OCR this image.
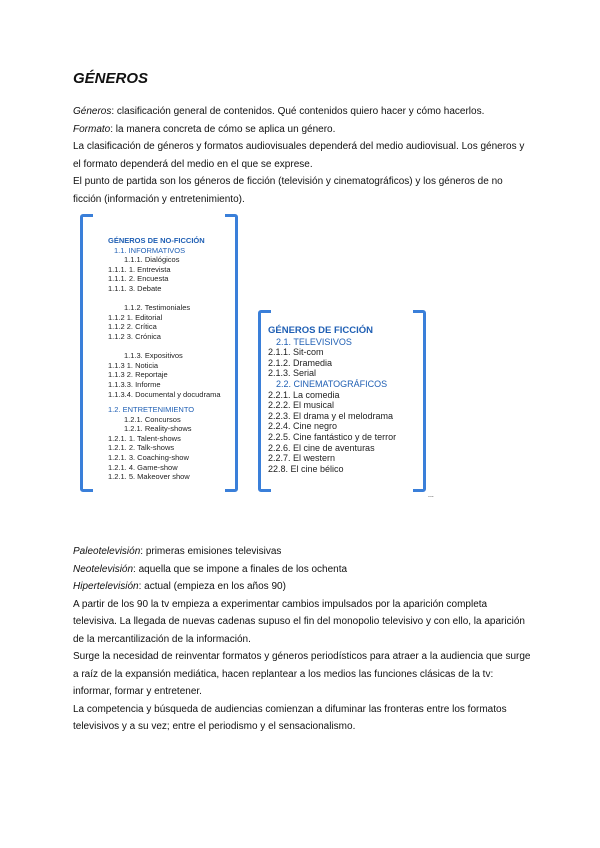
GÉNEROS

Géneros: clasificación general de contenidos. Qué contenidos quiero hacer y cómo hacerlos.

Formato: la manera concreta de cómo se aplica un género.

La clasificación de géneros y formatos audiovisuales dependerá del medio audiovisual. Los géneros y el formato dependerá del medio en el que se exprese.

El punto de partida son los géneros de ficción (televisión y cinematográficos) y los géneros de no ficción (información y entretenimiento).

GÉNEROS DE NO-FICCIÓN
1.1. INFORMATIVOS
1.1.1. Dialógicos
1.1.1. 1. Entrevista
1.1.1. 2. Encuesta
1.1.1. 3. Debate
1.1.2. Testimoniales
1.1.2 1. Editorial
1.1.2 2. Crítica
1.1.2 3. Crónica
1.1.3. Expositivos
1.1.3 1. Noticia
1.1.3 2. Reportaje
1.1.3.3. Informe
1.1.3.4. Documental y docudrama
1.2. ENTRETENIMIENTO
1.2.1. Concursos
1.2.1. Reality-shows
1.2.1. 1. Talent-shows
1.2.1. 2. Talk-shows
1.2.1. 3. Coaching-show
1.2.1. 4. Game-show
1.2.1. 5. Makeover show
GÉNEROS DE FICCIÓN
2.1. TELEVISIVOS
2.1.1. Sit-com
2.1.2. Dramedia
2.1.3. Serial
2.2. CINEMATOGRÁFICOS
2.2.1. La comedia
2.2.2. El musical
2.2.3. El drama y el melodrama
2.2.4. Cine negro
2.2.5. Cine fantástico y de terror
2.2.6. El cine de aventuras
2.2.7. El western
22.8. El cine bélico
...

Paleotelevisión: primeras emisiones televisivas

Neotelevisión: aquella que se impone a finales de los ochenta

Hipertelevisión: actual (empieza en los años 90)

A partir de los 90 la tv empieza a experimentar cambios impulsados por la aparición completa televisiva. La llegada de nuevas cadenas supuso el fin del monopolio televisivo y con ello, la aparición de la mercantilización de la información.

Surge la necesidad de reinventar formatos y géneros periodísticos para atraer a la audiencia que surge a raíz de la expansión mediática, hacen replantear a los medios las funciones clásicas de la tv: informar, formar y entretener.

La competencia y búsqueda de audiencias comienzan a difuminar las fronteras entre los formatos televisivos y a su vez; entre el periodismo y el sensacionalismo.
